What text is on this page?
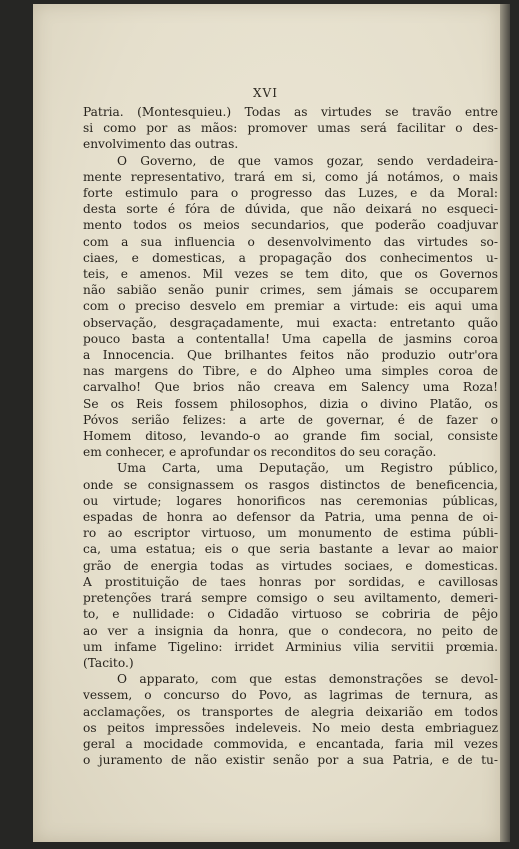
XVI
Patria. (Montesquieu.) Todas as virtudes se travão entre
si como por as mãos: promover umas será facilitar o des-
envolvimento das outras.
O Governo, de que vamos gozar, sendo verdadeira-
mente representativo, trará em si, como já notámos, o mais
forte estimulo para o progresso das Luzes, e da Moral:
desta sorte é fóra de dúvida, que não deixará no esqueci-
mento todos os meios secundarios, que poderão coadjuvar
com a sua influencia o desenvolvimento das virtudes so-
ciaes, e domesticas, a propagação dos conhecimentos u-
teis, e amenos. Mil vezes se tem dito, que os Governos
não sabião senão punir crimes, sem jámais se occuparem
com o preciso desvelo em premiar a virtude: eis aqui uma
observação, desgraçadamente, mui exacta: entretanto quão
pouco basta a contentalla! Uma capella de jasmins coroa
a Innocencia. Que brilhantes feitos não produzio outr'ora
nas margens do Tibre, e do Alpheo uma simples coroa de
carvalho! Que brios não creava em Salency uma Roza!
Se os Reis fossem philosophos, dizia o divino Platão, os
Póvos serião felizes: a arte de governar, é de fazer o
Homem ditoso, levando-o ao grande fim social, consiste
em conhecer, e aprofundar os reconditos do seu coração.
Uma Carta, uma Deputação, um Registro público,
onde se consignassem os rasgos distinctos de beneficencia,
ou virtude; logares honorificos nas ceremonias públicas,
espadas de honra ao defensor da Patria, uma penna de oi-
ro ao escriptor virtuoso, um monumento de estima públi-
ca, uma estatua; eis o que seria bastante a levar ao maior
grão de energia todas as virtudes sociaes, e domesticas.
A prostituição de taes honras por sordidas, e cavillosas
pretenções trará sempre comsigo o seu aviltamento, demeri-
to, e nullidade: o Cidadão virtuoso se cobriria de pêjo
ao ver a insignia da honra, que o condecora, no peito de
um infame Tigelino: irridet Arminius vilia servitii prœmia.
(Tacito.)
O apparato, com que estas demonstrações se devol-
vessem, o concurso do Povo, as lagrimas de ternura, as
acclamações, os transportes de alegria deixarião em todos
os peitos impressões indeleveis. No meio desta embriaguez
geral a mocidade commovida, e encantada, faria mil vezes
o juramento de não existir senão por a sua Patria, e de tu-
